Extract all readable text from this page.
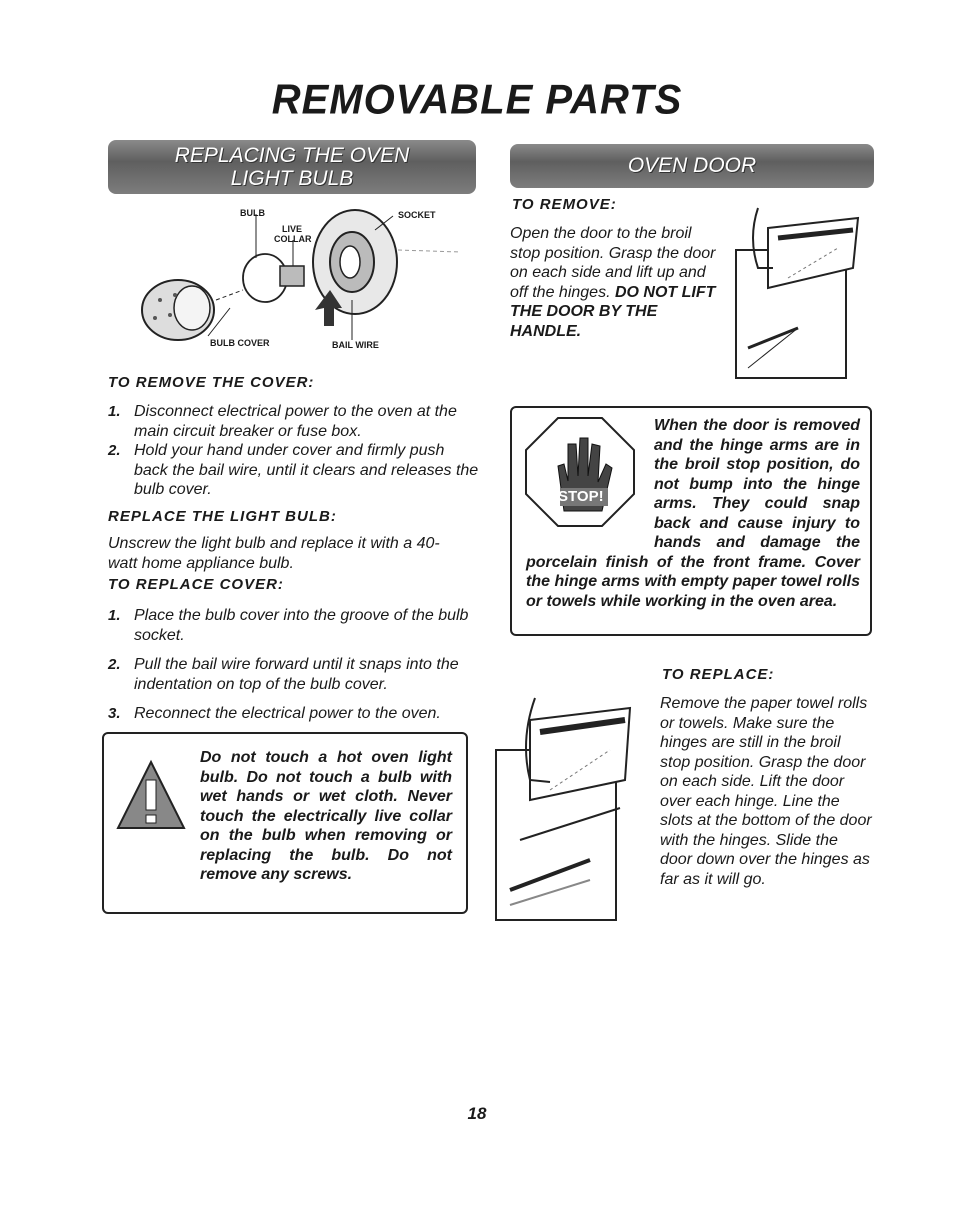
REMOVABLE PARTS
REPLACING THE OVEN
LIGHT BULB
BULB	SOCKET
LIVE
COLLAR
BULB COVER	BAIL WIRE
TO REMOVE THE COVER:
1. Disconnect electrical power to the oven at the main circuit breaker or fuse box.
2. Hold your hand under cover and firmly push back the bail wire, until it clears and releases the bulb cover.
REPLACE THE LIGHT BULB:
Unscrew the light bulb and replace it with a 40-watt home appliance bulb.
TO REPLACE COVER:
1. Place the bulb cover into the groove of the bulb socket.
2. Pull the bail wire forward until it snaps into the indentation on top of the bulb cover.
3. Reconnect the electrical power to the oven.
Do not touch a hot oven light bulb. Do not touch a bulb with wet hands or wet cloth. Never touch the electrically live collar on the bulb when removing or replacing the bulb. Do not remove any screws.
OVEN DOOR
TO REMOVE:
Open the door to the broil stop position. Grasp the door on each side and lift up and off the hinges. DO NOT LIFT THE DOOR BY THE HANDLE.
STOP!
When the door is removed and the hinge arms are in the broil stop position, do not bump into the hinge arms. They could snap back and cause injury to hands and damage the porcelain finish of the front frame. Cover the hinge arms with empty paper towel rolls or towels while working in the oven area.
TO REPLACE:
Remove the paper towel rolls or towels. Make sure the hinges are still in the broil stop position. Grasp the door on each side. Lift the door over each hinge. Line the slots at the bottom of the door with the hinges. Slide the door down over the hinges as far as it will go.
18
